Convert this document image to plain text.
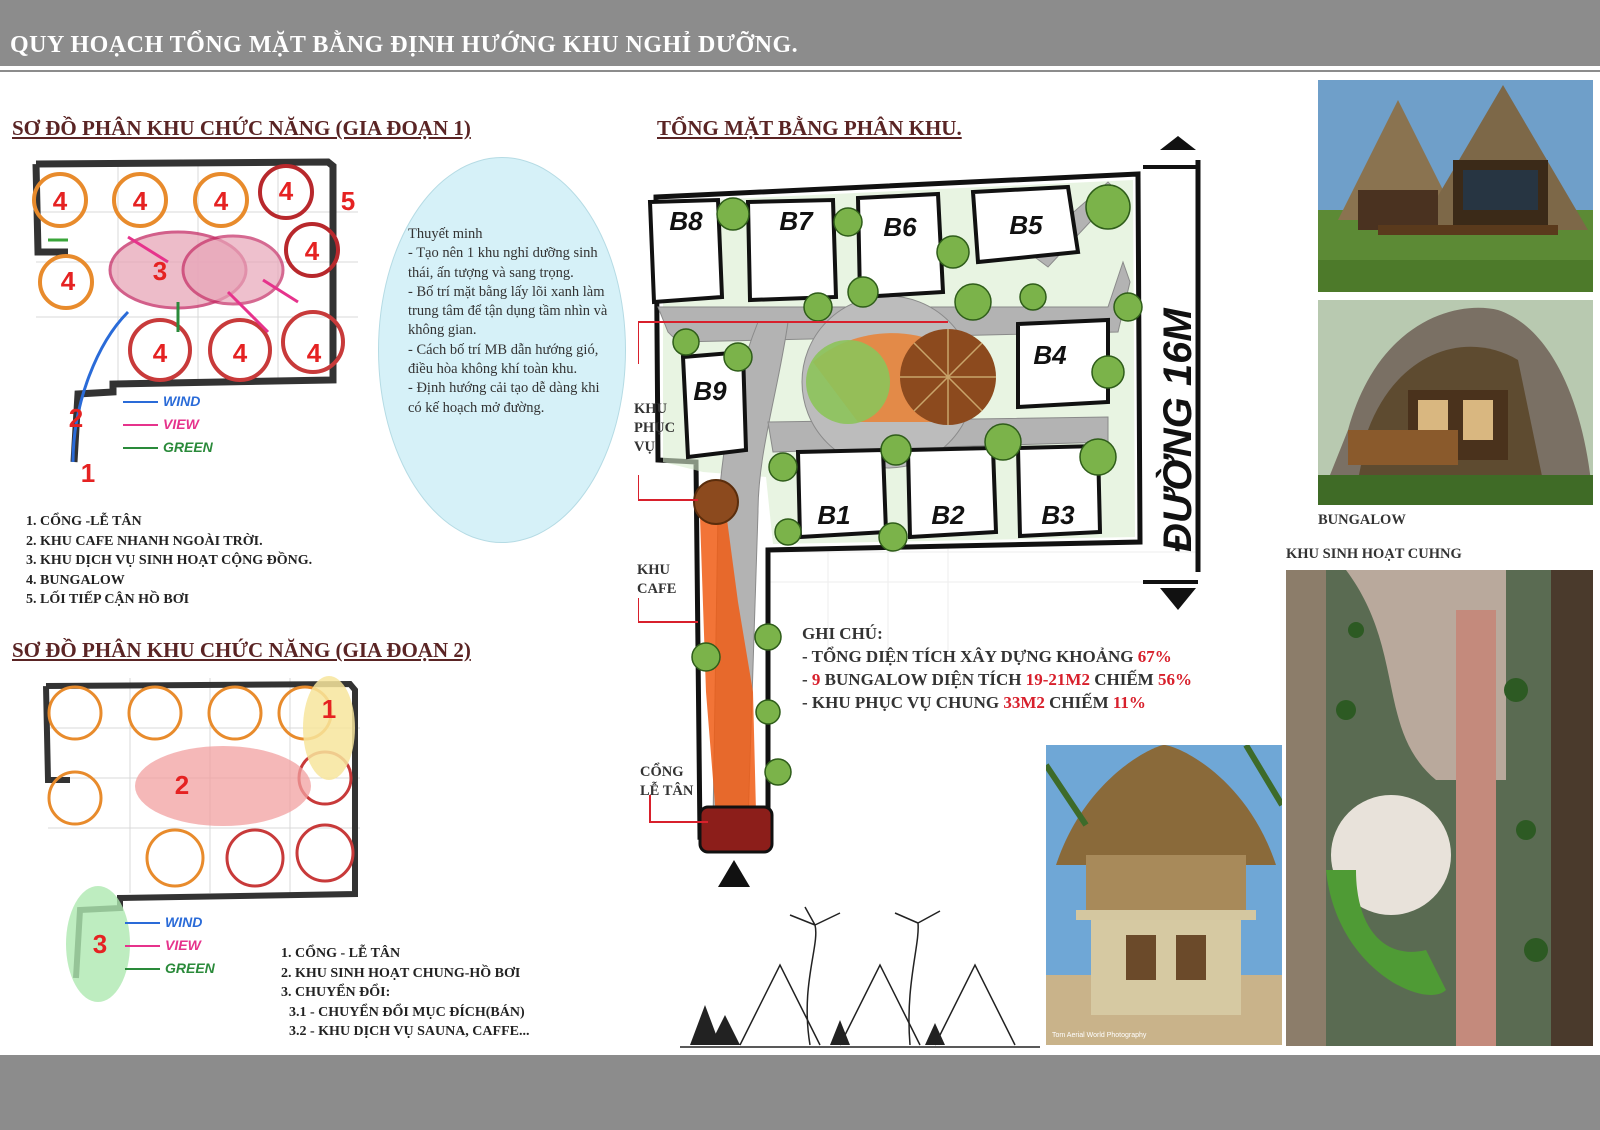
QUY HOẠCH TỔNG MẶT BẰNG ĐỊNH HƯỚNG KHU NGHỈ DƯỠNG.
SƠ ĐỒ PHÂN KHU CHỨC NĂNG (GIA ĐOẠN 1)
4	4	4 4 5
4
3
4
4	4 4
2
1
WIND
VIEW
GREEN
1. CỔNG -LỄ TÂN
2. KHU CAFE NHANH NGOÀI TRỜI.
3. KHU DỊCH VỤ SINH HOẠT CỘNG ĐỒNG.
4. BUNGALOW
5. LỐI TIẾP CẬN HỒ BƠI
SƠ ĐỒ PHÂN KHU CHỨC NĂNG (GIA ĐOẠN 2)
1
2
3
WIND
VIEW
GREEN
1. CỔNG - LỄ TÂN
2. KHU SINH HOẠT CHUNG-HỒ BƠI
3. CHUYỂN ĐỔI:
3.1 - CHUYỂN ĐỔI MỤC ĐÍCH(BÁN)
3.2 - KHU DỊCH VỤ SAUNA, CAFFE...
Thuyết minh
- Tạo nên 1 khu nghỉ dưỡng sinh thái, ấn tượng và sang trọng.
- Bố trí mặt bằng lấy lõi xanh làm trung tâm để tận dụng tầm nhìn và không gian.
- Cách bố trí MB dẫn hướng gió, điều hòa không khí toàn khu.
- Định hướng cải tạo dễ dàng khi có kế hoạch mở đường.
TỔNG MẶT BẰNG PHÂN KHU.
B8	B7	B6	B5
B4
B9
B1	B2	B3 ĐƯỜNG 16M
KHU
PHỤC
VỤ
KHU
CAFE
CỔNG
LỄ TÂN
GHI CHÚ:
- TỔNG DIỆN TÍCH XÂY DỰNG KHOẢNG 67%
- 9 BUNGALOW DIỆN TÍCH 19-21M2 CHIẾM 56%
- KHU PHỤC VỤ CHUNG 33M2 CHIẾM 11%
BUNGALOW
KHU SINH HOẠT CUHNG
Tom Aerial World Photography
